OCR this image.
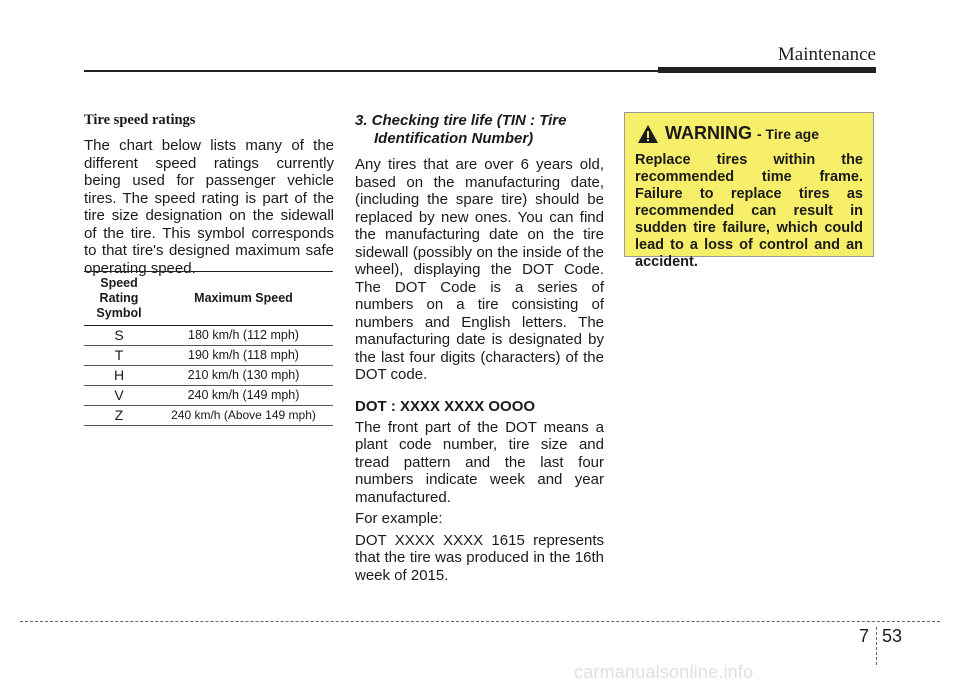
Maintenance

Tire speed ratings

The chart below lists many of the different speed ratings currently being used for passenger vehicle tires. The speed rating is part of the tire size designation on the sidewall of the tire. This symbol corresponds to that tire's designed maximum safe operating speed.

Speed Rating Symbol	Maximum Speed
S	180 km/h (112 mph)
T	190 km/h (118 mph)
H	210 km/h (130 mph)
V	240 km/h (149 mph)
Z	240 km/h (Above 149 mph)

3. Checking tire life (TIN : Tire
Identification Number)

Any tires that are over 6 years old, based on the manufacturing date, (including the spare tire) should be replaced by new ones. You can find the manufacturing date on the tire sidewall (possibly on the inside of the wheel), displaying the DOT Code. The DOT Code is a series of numbers on a tire consisting of numbers and English letters. The manufacturing date is designated by the last four digits (characters) of the DOT code.

DOT : XXXX XXXX OOOO

The front part of the DOT means a plant code number, tire size and tread pattern and the last four numbers indicate week and year manufactured.

For example:

DOT XXXX XXXX 1615 represents that the tire was produced in the 16th week of 2015.

WARNING - Tire age

Replace tires within the recommended time frame. Failure to replace tires as recommended can result in sudden tire failure, which could lead to a loss of control and an accident.

7 53
carmanualsonline.info
